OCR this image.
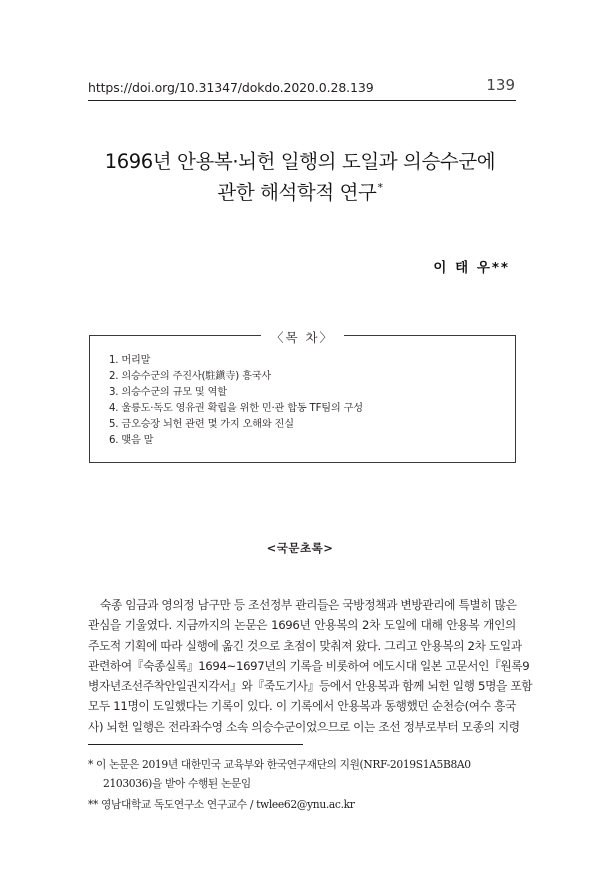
https://doi.org/10.31347/dokdo.2020.0.28.139	139
1696년 안용복·뇌헌 일행의 도일과 의승수군에
관한 해석학적 연구*
이 태 우**
〈목 차〉
1. 머리말
2. 의승수군의 주진사(駐鎭寺) 흥국사
3. 의승수군의 규모 및 역할
4. 울릉도·독도 영유권 확립을 위한 민·관 합동 TF팀의 구성
5. 금오승장 뇌헌 관련 몇 가지 오해와 진실
6. 맺음 말
<국문초록>
숙종 임금과 영의정 남구만 등 조선정부 관리들은 국방정책과 변방관리에 특별히 많은
관심을 기울였다. 지금까지의 논문은 1696년 안용복의 2차 도일에 대해 안용복 개인의
주도적 기획에 따라 실행에 옮긴 것으로 초점이 맞춰져 왔다. 그리고 안용복의 2차 도일과
관련하여『숙종실록』1694~1697년의 기록을 비롯하여 에도시대 일본 고문서인『원록9
병자년조선주착안일권지각서』와『죽도기사』등에서 안용복과 함께 뇌헌 일행 5명을 포함
모두 11명이 도일했다는 기록이 있다. 이 기록에서 안용복과 동행했던 순천승(여수 흥국
사) 뇌헌 일행은 전라좌수영 소속 의승수군이었으므로 이는 조선 정부로부터 모종의 지령
* 이 논문은 2019년 대한민국 교육부와 한국연구재단의 지원(NRF-2019S1A5B8A0
2103036)을 받아 수행된 논문임
** 영남대학교 독도연구소 연구교수 / twlee62@ynu.ac.kr
